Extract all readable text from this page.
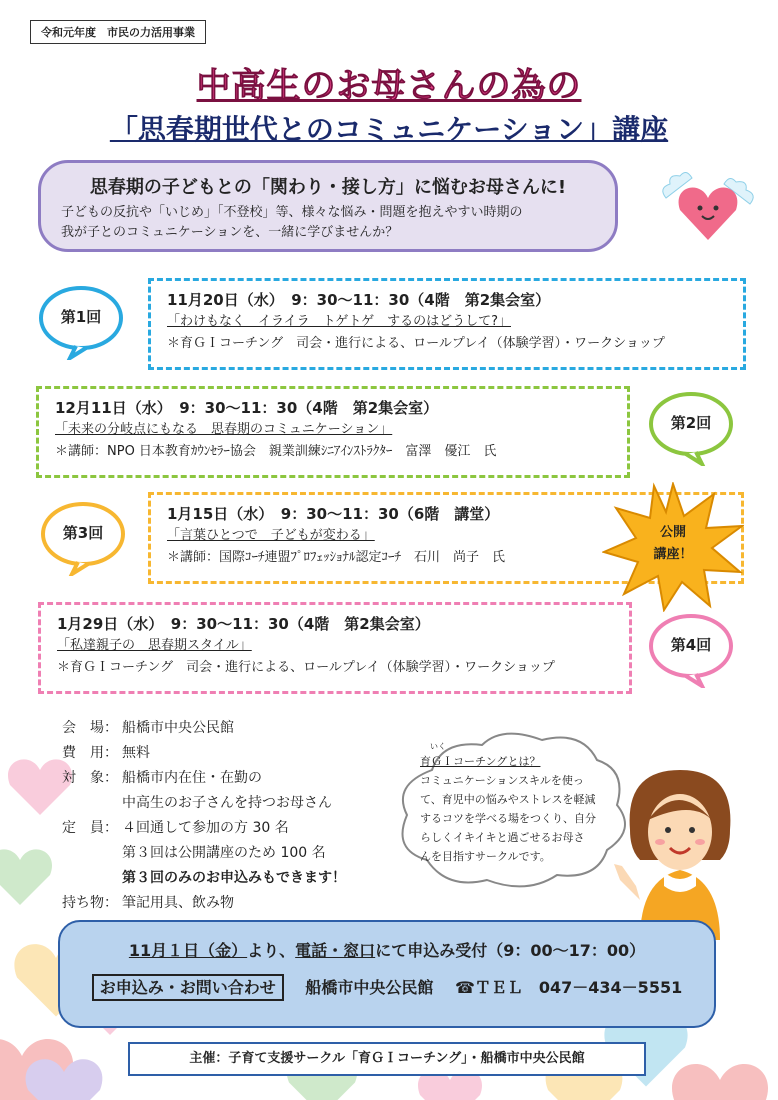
令和元年度　市民の力活用事業
中高生のお母さんの為の
「思春期世代とのコミュニケーション」講座
思春期の子どもとの「関わり・接し方」に悩むお母さんに!
子どもの反抗や「いじめ」「不登校」等、様々な悩み・問題を抱えやすい時期の
我が子とのコミュニケーションを、一緒に学びませんか？
第1回
11月20日（水）　9：30～11：30（4階　第2集会室）
「わけもなく　イライラ　トゲトゲ　するのはどうして?」
＊育ＧＩコーチング　司会・進行による、ロールプレイ（体験学習）・ワークショップ
12月11日（水）　9：30～11：30（4階　第2集会室）
「未来の分岐点にもなる　思春期のコミュニケーション」
＊講師：NPO 日本教育ｶｳﾝｾﾗｰ協会　親業訓練ｼﾆｱｲﾝｽﾄﾗｸﾀｰ　富澤　優江　氏
第2回
第3回
1月15日（水）　9：30～11：30（6階　講堂）
「言葉ひとつで　子どもが変わる」
＊講師：国際ｺｰﾁ連盟ﾌﾟﾛﾌｪｯｼｮﾅﾙ認定ｺｰﾁ　石川　尚子　氏
公開
講座！
1月29日（水）　9：30～11：30（4階　第2集会室）
「私達親子の　思春期スタイル」
＊育ＧＩコーチング　司会・進行による、ロールプレイ（体験学習）・ワークショップ
第4回
会　場： 船橋市中央公民館
費　用： 無料
対　象： 船橋市内在住・在勤の
中高生のお子さんを持つお母さん
定　員： ４回通して参加の方 30 名
第３回は公開講座のため 100 名
第３回のみのお申込みもできます！
持ち物： 筆記用具、飲み物
いく
育ＧＩコーチングとは？
コミュニケーションスキルを使っ
て、育児中の悩みやストレスを軽減
するコツを学べる場をつくり、自分
らしくイキイキと過ごせるお母さ
んを目指すサークルです。
11月１日（金）より、電話・窓口にて申込み受付（9：00～17：00）
お申込み・お問い合わせ 船橋市中央公民館 ☎ＴＥＬ　047－434－5551
主催：子育て支援サークル「育ＧＩコーチング」・船橋市中央公民館
